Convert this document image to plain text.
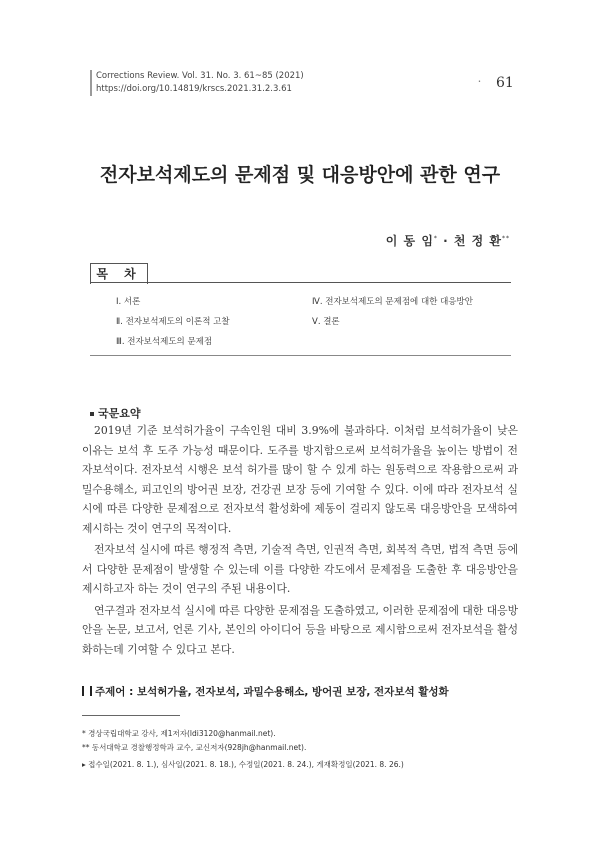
Corrections Review. Vol. 31. No. 3. 61~85 (2021)
https://doi.org/10.14819/krscs.2021.31.2.3.61
• 61
전자보석제도의 문제점 및 대응방안에 관한 연구
이 동 임* · 천 정 환**
목 차
Ⅰ. 서론
Ⅱ. 전자보석제도의 이론적 고찰
Ⅲ. 전자보석제도의 문제점
Ⅳ. 전자보석제도의 문제점에 대한 대응방안
Ⅴ. 결론
국문요약

2019년 기준 보석허가율이 구속인원 대비 3.9%에 불과하다. 이처럼 보석허가율이 낮은 이유는 보석 후 도주 가능성 때문이다. 도주를 방지함으로써 보석허가율을 높이는 방법이 전자보석이다. 전자보석 시행은 보석 허가를 많이 할 수 있게 하는 원동력으로 작용함으로써 과밀수용해소, 피고인의 방어권 보장, 건강권 보장 등에 기여할 수 있다. 이에 따라 전자보석 실시에 따른 다양한 문제점으로 전자보석 활성화에 제동이 걸리지 않도록 대응방안을 모색하여 제시하는 것이 연구의 목적이다.

전자보석 실시에 따른 행정적 측면, 기술적 측면, 인권적 측면, 회복적 측면, 법적 측면 등에서 다양한 문제점이 발생할 수 있는데 이를 다양한 각도에서 문제점을 도출한 후 대응방안을 제시하고자 하는 것이 연구의 주된 내용이다.

연구결과 전자보석 실시에 따른 다양한 문제점을 도출하였고, 이러한 문제점에 대한 대응방안을 논문, 보고서, 언론 기사, 본인의 아이디어 등을 바탕으로 제시함으로써 전자보석을 활성화하는데 기여할 수 있다고 본다.

주제어 : 보석허가율, 전자보석, 과밀수용해소, 방어권 보장, 전자보석 활성화
* 경상국립대학교 강사, 제1저자(ldi3120@hanmail.net).
** 동서대학교 경찰행정학과 교수, 교신저자(928jh@hanmail.net).
▸ 접수일(2021. 8. 1.), 심사일(2021. 8. 18.), 수정일(2021. 8. 24.), 게재확정일(2021. 8. 26.)
